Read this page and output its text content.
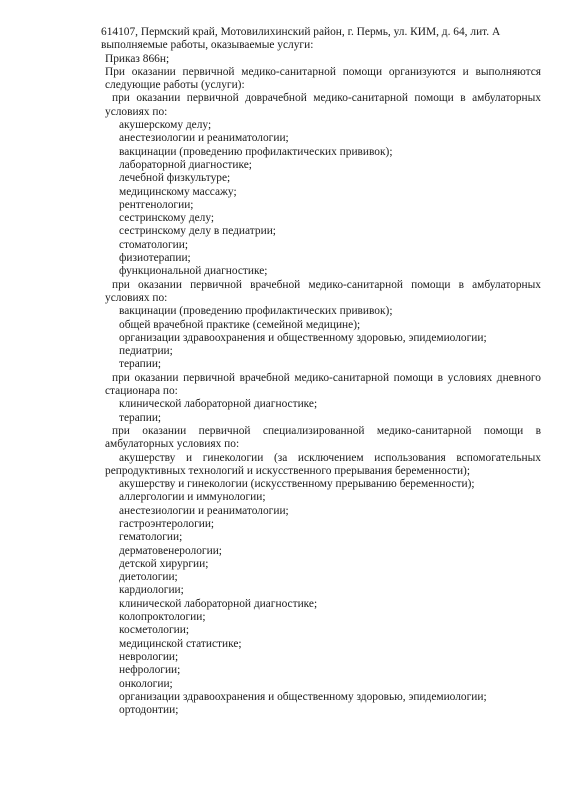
614107, Пермский край, Мотовилихинский район, г. Пермь, ул. КИМ, д. 64, лит. А
выполняемые работы, оказываемые услуги:
Приказ 866н;
При оказании первичной медико-санитарной помощи организуются и выполняются
следующие работы (услуги):
при оказании первичной доврачебной медико-санитарной помощи в амбулаторных
условиях по:
акушерскому делу;
анестезиологии и реаниматологии;
вакцинации (проведению профилактических прививок);
лабораторной диагностике;
лечебной физкультуре;
медицинскому массажу;
рентгенологии;
сестринскому делу;
сестринскому делу в педиатрии;
стоматологии;
физиотерапии;
функциональной диагностике;
при оказании первичной врачебной медико-санитарной помощи в амбулаторных
условиях по:
вакцинации (проведению профилактических прививок);
общей врачебной практике (семейной медицине);
организации здравоохранения и общественному здоровью, эпидемиологии;
педиатрии;
терапии;
при оказании первичной врачебной медико-санитарной помощи в условиях дневного
стационара по:
клинической лабораторной диагностике;
терапии;
при оказании первичной специализированной медико-санитарной помощи в
амбулаторных условиях по:
акушерству и гинекологии (за исключением использования вспомогательных
репродуктивных технологий и искусственного прерывания беременности);
акушерству и гинекологии (искусственному прерыванию беременности);
аллергологии и иммунологии;
анестезиологии и реаниматологии;
гастроэнтерологии;
гематологии;
дерматовенерологии;
детской хирургии;
диетологии;
кардиологии;
клинической лабораторной диагностике;
колопроктологии;
косметологии;
медицинской статистике;
неврологии;
нефрологии;
онкологии;
организации здравоохранения и общественному здоровью, эпидемиологии;
ортодонтии;
